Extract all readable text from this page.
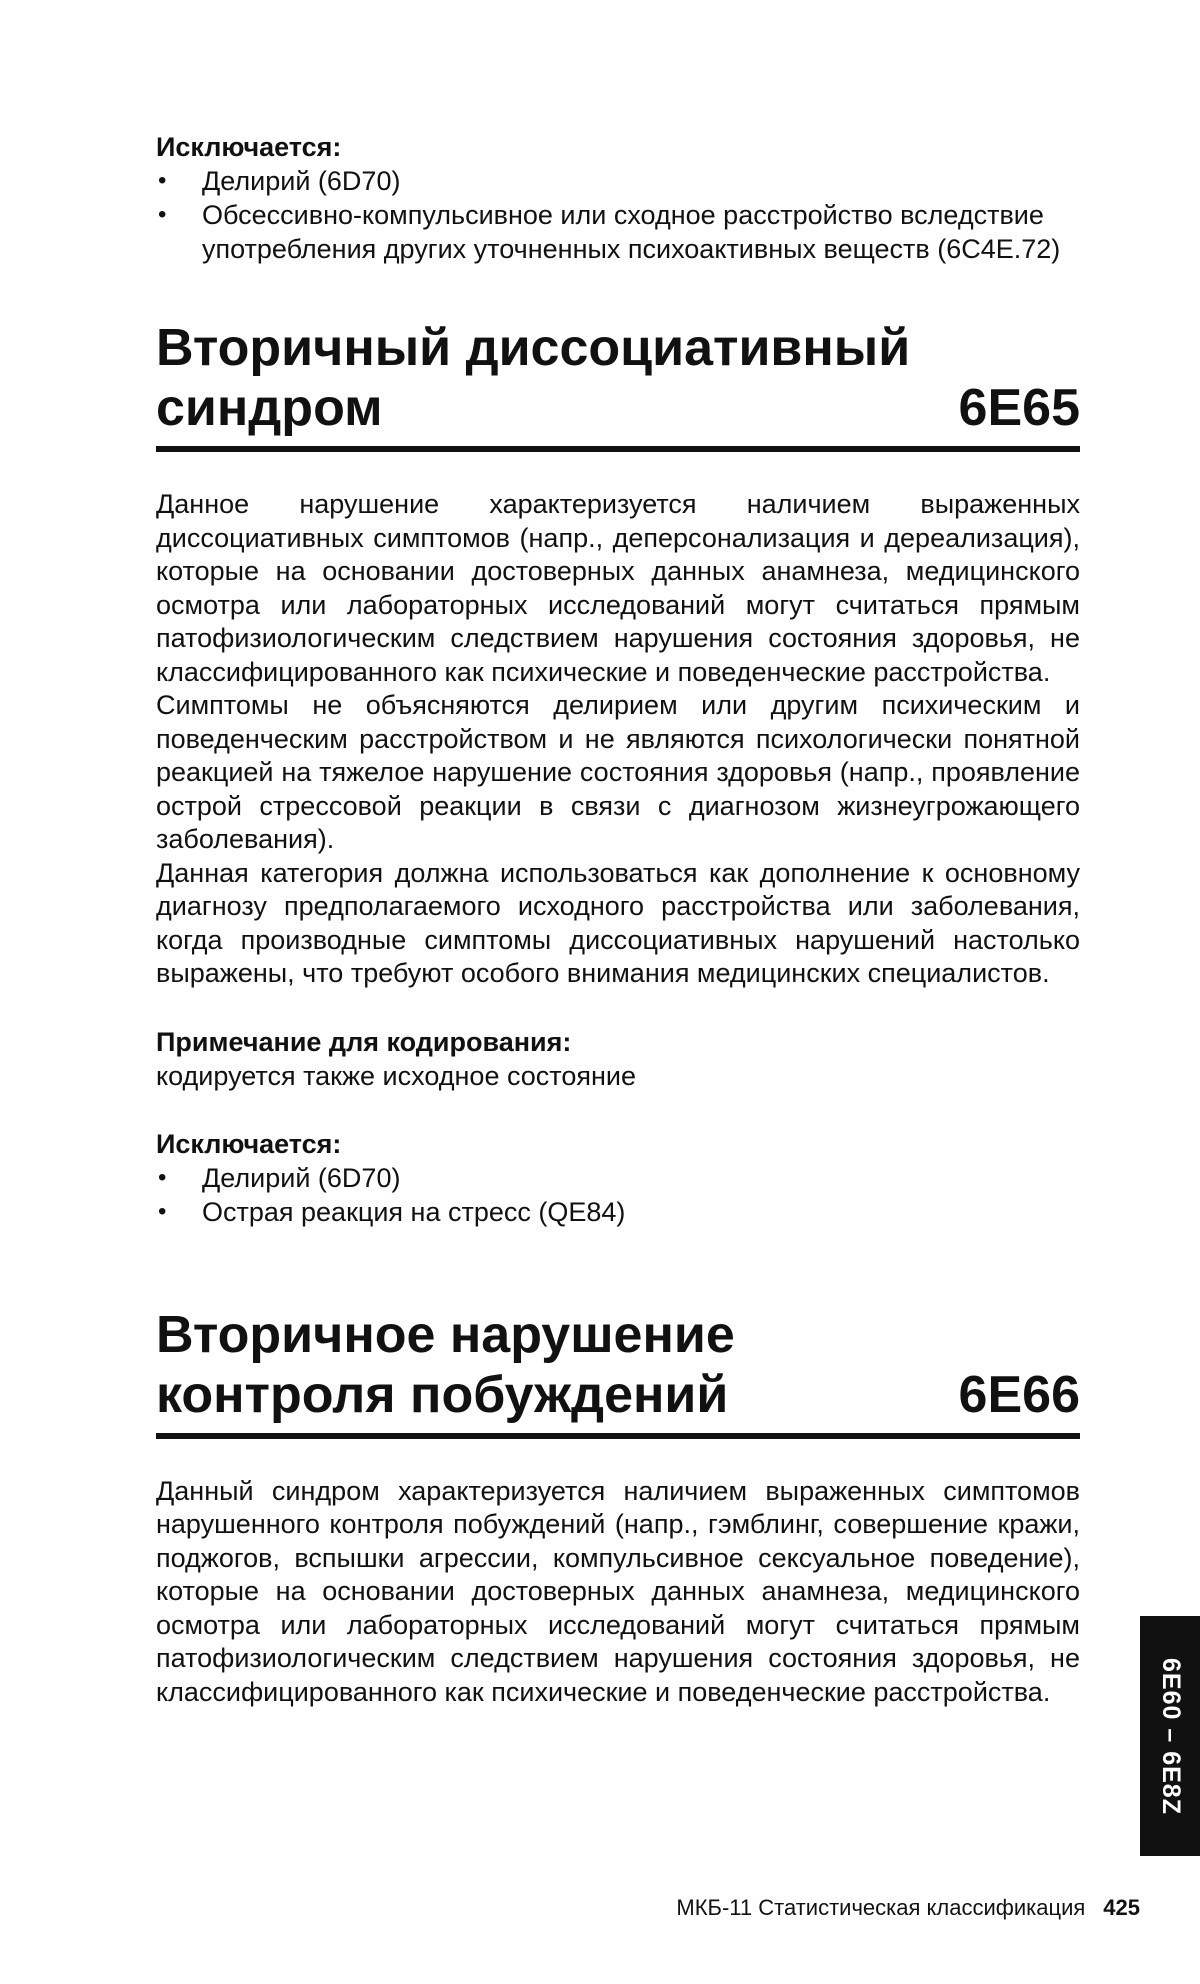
Исключается:

• Делирий (6D70)
• Обсессивно-компульсивное или сходное расстройство вследствие употребления других уточненных психоактивных веществ (6C4E.72)
Вторичный диссоциативный синдром	6E65

Данное нарушение характеризуется наличием выраженных диссоциативных симптомов (напр., деперсонализация и дереализация), которые на основании достоверных данных анамнеза, медицинского осмотра или лабораторных исследований могут считаться прямым патофизиологическим следствием нарушения состояния здоровья, не классифицированного как психические и поведенческие расстройства.

Симптомы не объясняются делирием или другим психическим и поведенческим расстройством и не являются психологически понятной реакцией на тяжелое нарушение состояния здоровья (напр., проявление острой стрессовой реакции в связи с диагнозом жизнеугрожающего заболевания).

Данная категория должна использоваться как дополнение к основному диагнозу предполагаемого исходного расстройства или заболевания, когда производные симптомы диссоциативных нарушений настолько выражены, что требуют особого внимания медицинских специалистов.

Примечание для кодирования:

кодируется также исходное состояние

Исключается:

• Делирий (6D70)
• Острая реакция на стресс (QE84)
Вторичное нарушение контроля побуждений	6E66

Данный синдром характеризуется наличием выраженных симптомов нарушенного контроля побуждений (напр., гэмблинг, совершение кражи, поджогов, вспышки агрессии, компульсивное сексуальное поведение), которые на основании достоверных данных анамнеза, медицинского осмотра или лабораторных исследований могут считаться прямым патофизиологическим следствием нарушения состояния здоровья, не классифицированного как психические и поведенческие расстройства.	6E60 – 6E8Z
МКБ-11 Статистическая классификация 425
